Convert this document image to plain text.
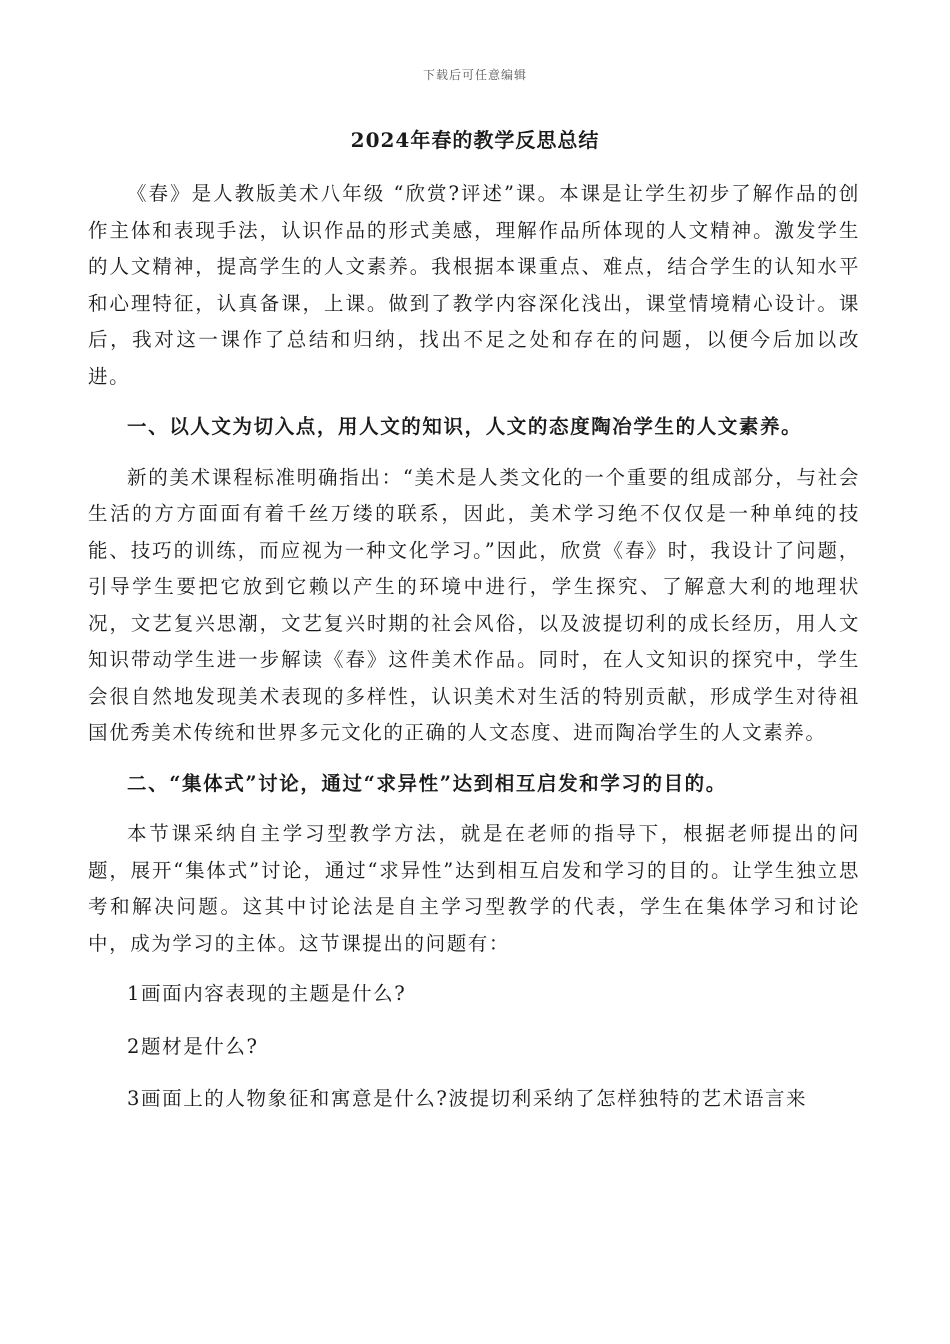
下载后可任意编辑
2024年春的教学反思总结

《春》是人教版美术八年级 “欣赏?评述”课。本课是让学生初步了解作品的创作主体和表现手法，认识作品的形式美感，理解作品所体现的人文精神。激发学生的人文精神，提高学生的人文素养。我根据本课重点、难点，结合学生的认知水平和心理特征，认真备课，上课。做到了教学内容深化浅出，课堂情境精心设计。课后，我对这一课作了总结和归纳，找出不足之处和存在的问题，以便今后加以改进。

一、以人文为切入点，用人文的知识，人文的态度陶冶学生的人文素养。

新的美术课程标准明确指出：“美术是人类文化的一个重要的组成部分，与社会生活的方方面面有着千丝万缕的联系，因此，美术学习绝不仅仅是一种单纯的技能、技巧的训练，而应视为一种文化学习。”因此，欣赏《春》时，我设计了问题，引导学生要把它放到它赖以产生的环境中进行，学生探究、了解意大利的地理状况，文艺复兴思潮，文艺复兴时期的社会风俗，以及波提切利的成长经历，用人文知识带动学生进一步解读《春》这件美术作品。同时，在人文知识的探究中，学生会很自然地发现美术表现的多样性，认识美术对生活的特别贡献，形成学生对待祖国优秀美术传统和世界多元文化的正确的人文态度、进而陶冶学生的人文素养。

二、“集体式”讨论，通过“求异性”达到相互启发和学习的目的。

本节课采纳自主学习型教学方法，就是在老师的指导下，根据老师提出的问题，展开“集体式”讨论，通过“求异性”达到相互启发和学习的目的。让学生独立思考和解决问题。这其中讨论法是自主学习型教学的代表，学生在集体学习和讨论中，成为学习的主体。这节课提出的问题有：

1画面内容表现的主题是什么?

2题材是什么?

3画面上的人物象征和寓意是什么?波提切利采纳了怎样独特的艺术语言来
